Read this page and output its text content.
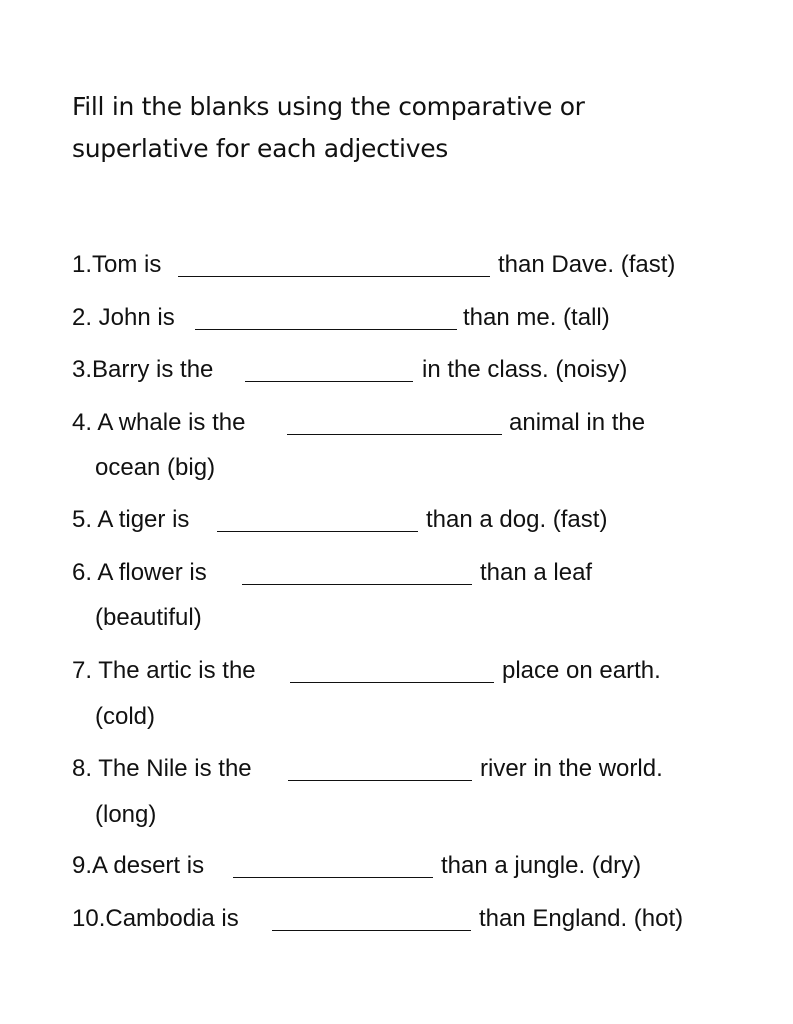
Fill in the blanks using the comparative or
superlative for each adjectives
1.Tom is	than Dave. (fast)
2. John is	than me. (tall)
3.Barry is the	in the class. (noisy)
4. A whale is the	animal in the
ocean (big)
5. A tiger is	than a dog. (fast)
6. A flower is	than a leaf
(beautiful)
7. The artic is the	place on earth.
(cold)
8. The Nile is the	river in the world.
(long)
9.A desert is	than a jungle. (dry)
10.Cambodia is	than England. (hot)
